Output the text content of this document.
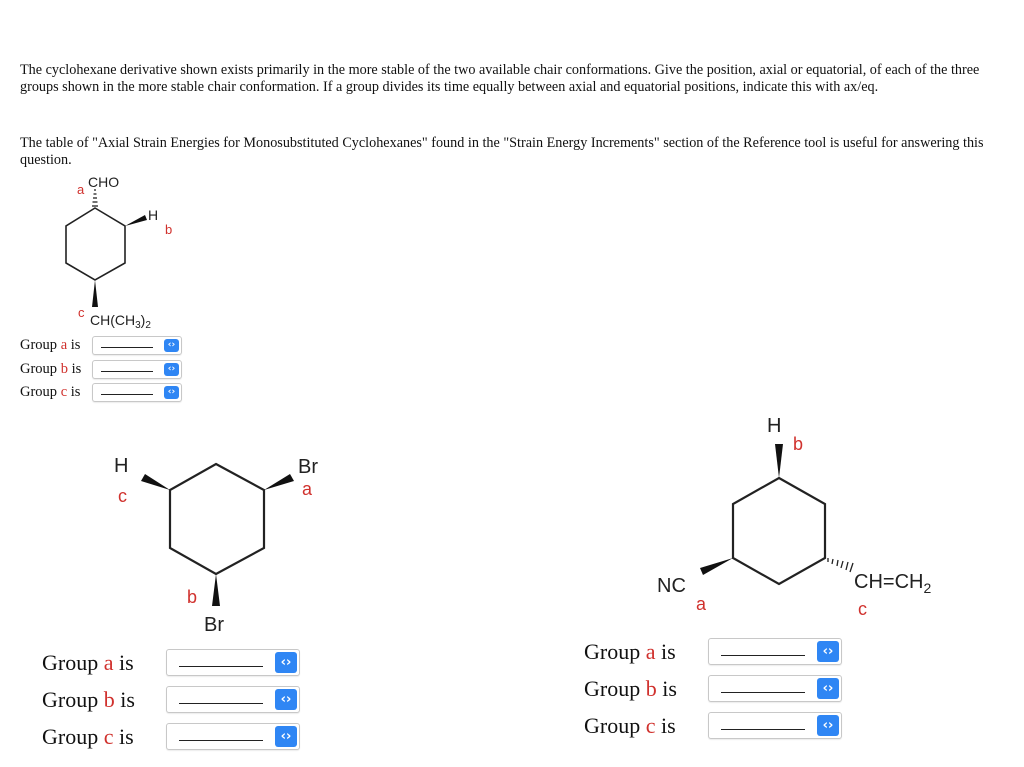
The cyclohexane derivative shown exists primarily in the more stable of the two available chair conformations. Give the position, axial or equatorial, of each of the three groups shown in the more stable chair conformation. If a group divides its time equally between axial and equatorial positions, indicate this with ax/eq.

The table of "Axial Strain Energies for Monosubstituted Cyclohexanes" found in the "Strain Energy Increments" section of the Reference tool is useful for answering this question.

CHO
a
H
b
$CH(CH_3)_2$
c
Group a is	‹›
Group b is	‹›
Group c is	‹›
Br
a
H
c
Br
b
Group a is	‹›
Group b is	‹›
Group c is	‹›
H
b
NC
a
$CH=CH_2$
c
Group a is	‹›
Group b is	‹›
Group c is	‹›
